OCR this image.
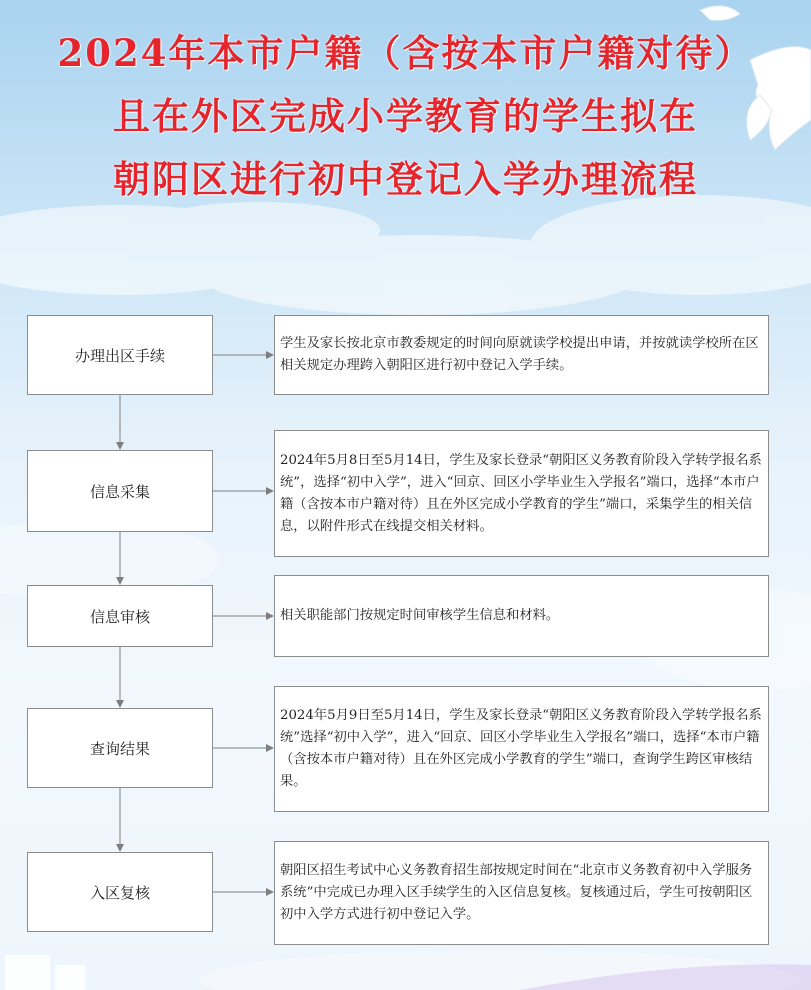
2024年本市户籍（含按本市户籍对待）
且在外区完成小学教育的学生拟在
朝阳区进行初中登记入学办理流程
办理出区手续
学生及家长按北京市教委规定的时间向原就读学校提出申请，并按就读学校所在区相关规定办理跨入朝阳区进行初中登记入学手续。
信息采集
2024年5月8日至5月14日，学生及家长登录“朝阳区义务教育阶段入学转学报名系统”，选择“初中入学”，进入“回京、回区小学毕业生入学报名”端口，选择“本市户籍（含按本市户籍对待）且在外区完成小学教育的学生”端口，采集学生的相关信息，以附件形式在线提交相关材料。
信息审核	相关职能部门按规定时间审核学生信息和材料。
查询结果
2024年5月9日至5月14日，学生及家长登录“朝阳区义务教育阶段入学转学报名系统”选择“初中入学”，进入“回京、回区小学毕业生入学报名”端口，选择“本市户籍（含按本市户籍对待）且在外区完成小学教育的学生”端口，查询学生跨区审核结果。
入区复核
朝阳区招生考试中心义务教育招生部按规定时间在“北京市义务教育初中入学服务系统”中完成已办理入区手续学生的入区信息复核。复核通过后，学生可按朝阳区初中入学方式进行初中登记入学。
